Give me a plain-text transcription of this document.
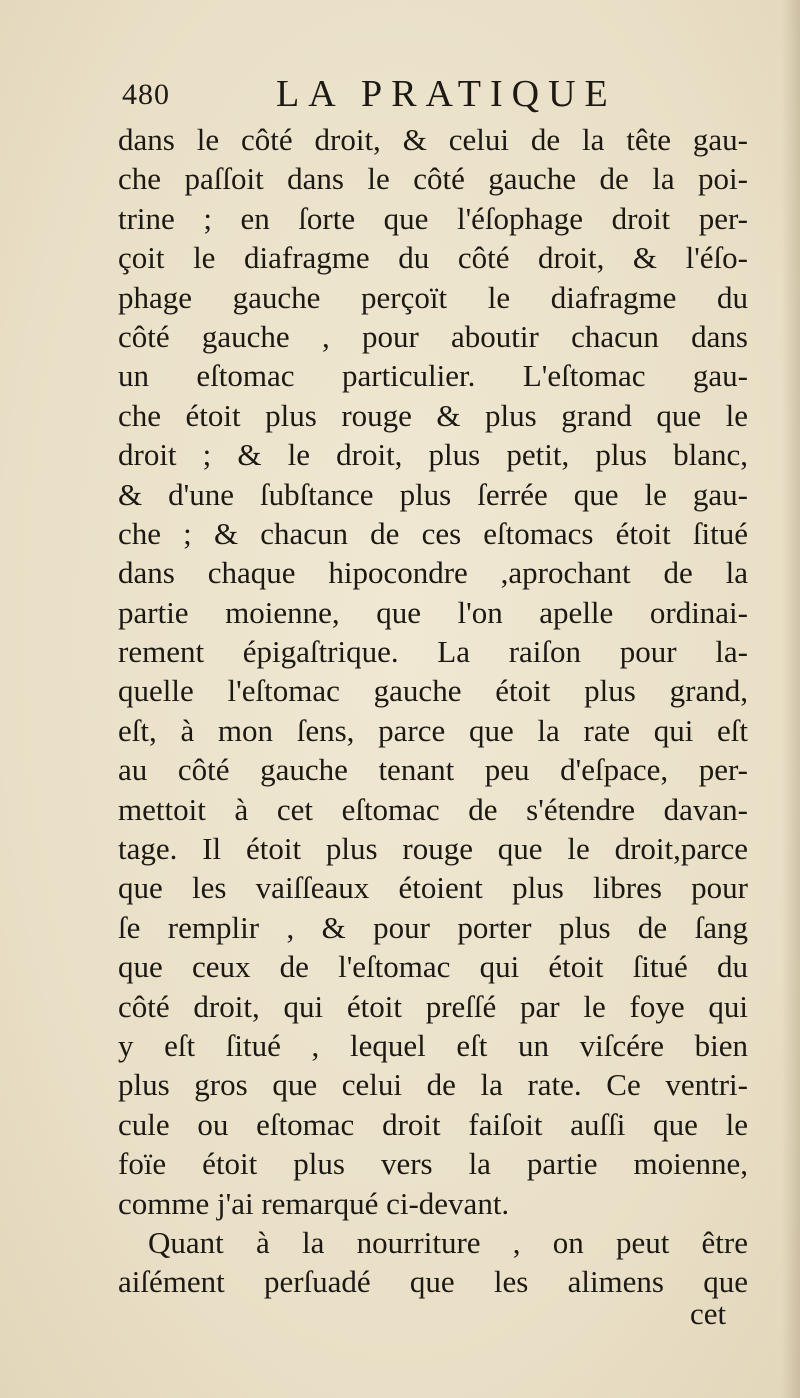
480	LA PRATIQUE
dans le côté droit, & celui de la tête gau-
che paſſoit dans le côté gauche de la poi-
trine ; en ſorte que l'éſophage droit per-
çoit le diafragme du côté droit, & l'éſo-
phage gauche perçoït le diafragme du
côté gauche , pour aboutir chacun dans
un eſtomac particulier. L'eſtomac gau-
che étoit plus rouge & plus grand que le
droit ; & le droit, plus petit, plus blanc,
& d'une ſubſtance plus ſerrée que le gau-
che ; & chacun de ces eſtomacs étoit ſitué
dans chaque hipocondre ,aprochant de la
partie moienne, que l'on apelle ordinai-
rement épigaſtrique. La raiſon pour la-
quelle l'eſtomac gauche étoit plus grand,
eſt, à mon ſens, parce que la rate qui eſt
au côté gauche tenant peu d'eſpace, per-
mettoit à cet eſtomac de s'étendre davan-
tage. Il étoit plus rouge que le droit,parce
que les vaiſſeaux étoient plus libres pour
ſe remplir , & pour porter plus de ſang
que ceux de l'eſtomac qui étoit ſitué du
côté droit, qui étoit preſſé par le foye qui
y eſt ſitué , lequel eſt un viſcére bien
plus gros que celui de la rate. Ce ventri-
cule ou eſtomac droit faiſoit auſſi que le
foïe étoit plus vers la partie moienne,
comme j'ai remarqué ci-devant.
Quant à la nourriture , on peut être
aiſément perſuadé que les alimens que
cet
